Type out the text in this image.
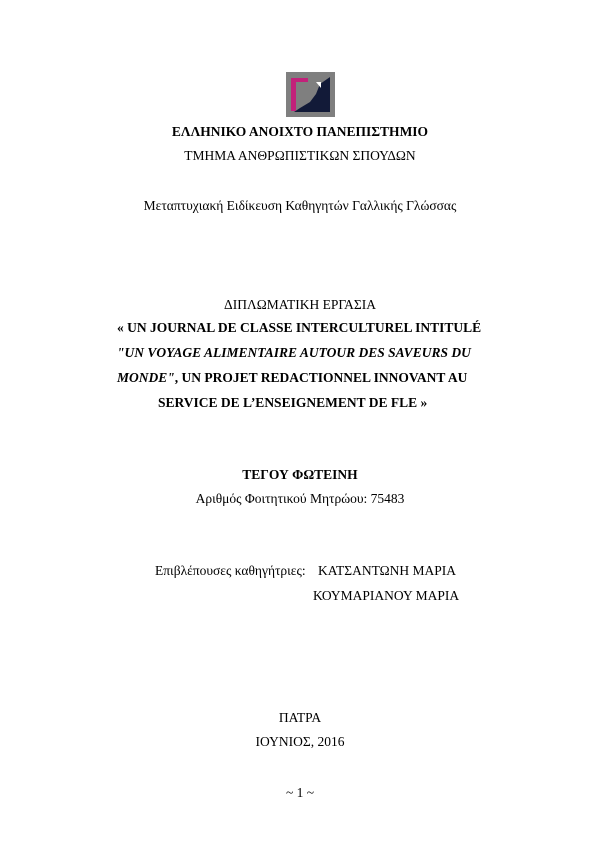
ΕΛΛΗΝΙΚΟ ΑΝΟΙΧΤΟ ΠΑΝΕΠΙΣΤΗΜΙΟ
ΤΜΗΜΑ ΑΝΘΡΩΠΙΣΤΙΚΩΝ ΣΠΟΥΔΩΝ
Μεταπτυχιακή Ειδίκευση Καθηγητών Γαλλικής Γλώσσας
ΔΙΠΛΩΜΑΤΙΚΗ ΕΡΓΑΣΙΑ
« UN JOURNAL DE CLASSE INTERCULTUREL INTITULÉ
"UN VOYAGE ALIMENTAIRE AUTOUR DES SAVEURS DU
MONDE", UN PROJET REDACTIONNEL INNOVANT AU
SERVICE DE L’ENSEIGNEMENT DE FLE »
ΤΕΓΟΥ ΦΩΤΕΙΝΗ
Αριθμός Φοιτητικού Μητρώου: 75483
Επιβλέπουσες καθηγήτριες: ΚΑΤΣΑΝΤΩΝΗ ΜΑΡΙΑ
ΚΟΥΜΑΡΙΑΝΟΥ ΜΑΡΙΑ
ΠΑΤΡΑ
ΙΟΥΝΙΟΣ, 2016
~ 1 ~
